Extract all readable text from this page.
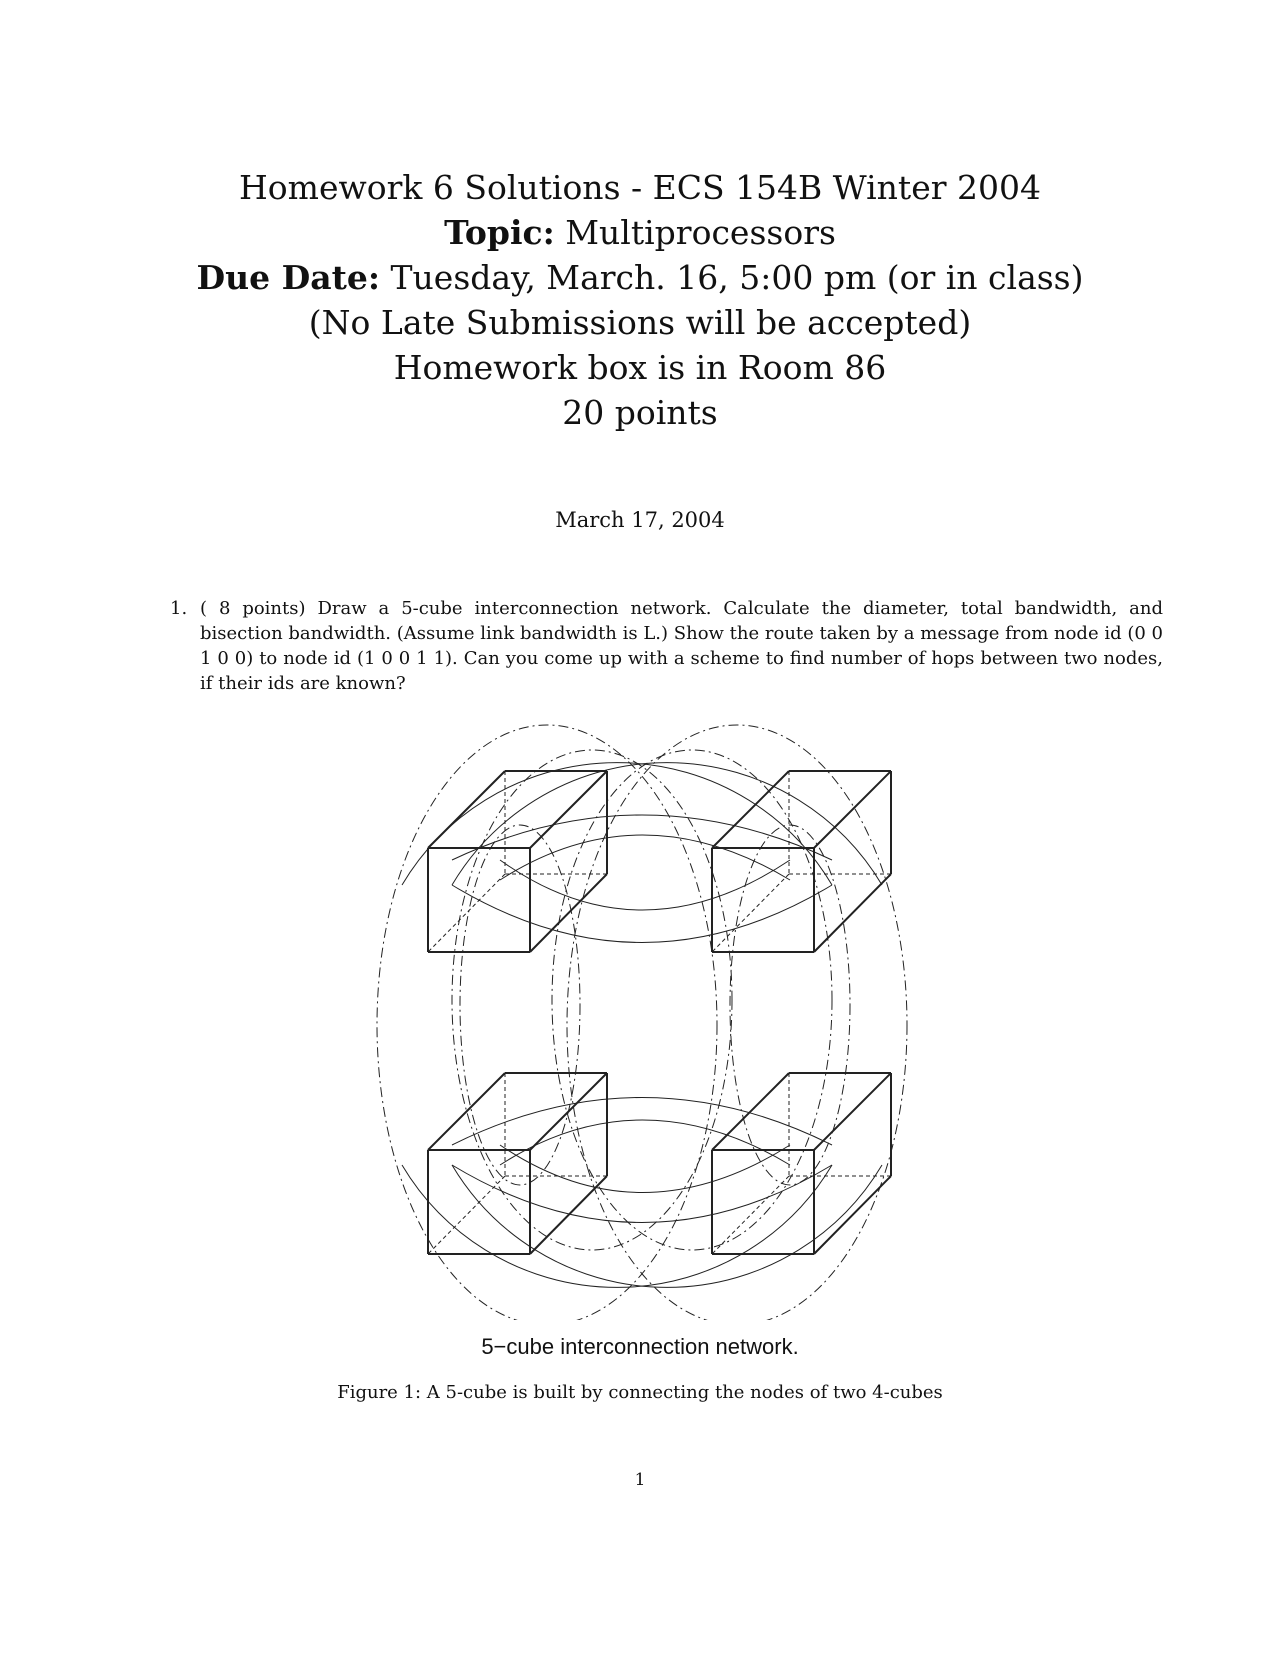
Homework 6 Solutions - ECS 154B Winter 2004
Topic: Multiprocessors
Due Date: Tuesday, March. 16, 5:00 pm (or in class)
(No Late Submissions will be accepted)
Homework box is in Room 86
20 points
March 17, 2004
1. ( 8 points) Draw a 5-cube interconnection network. Calculate the diameter, total bandwidth, and bisection bandwidth. (Assume link bandwidth is L.) Show the route taken by a message from node id (0 0 1 0 0) to node id (1 0 0 1 1). Can you come up with a scheme to find number of hops between two nodes, if their ids are known?
5−cube interconnection network.
Figure 1: A 5-cube is built by connecting the nodes of two 4-cubes
1
